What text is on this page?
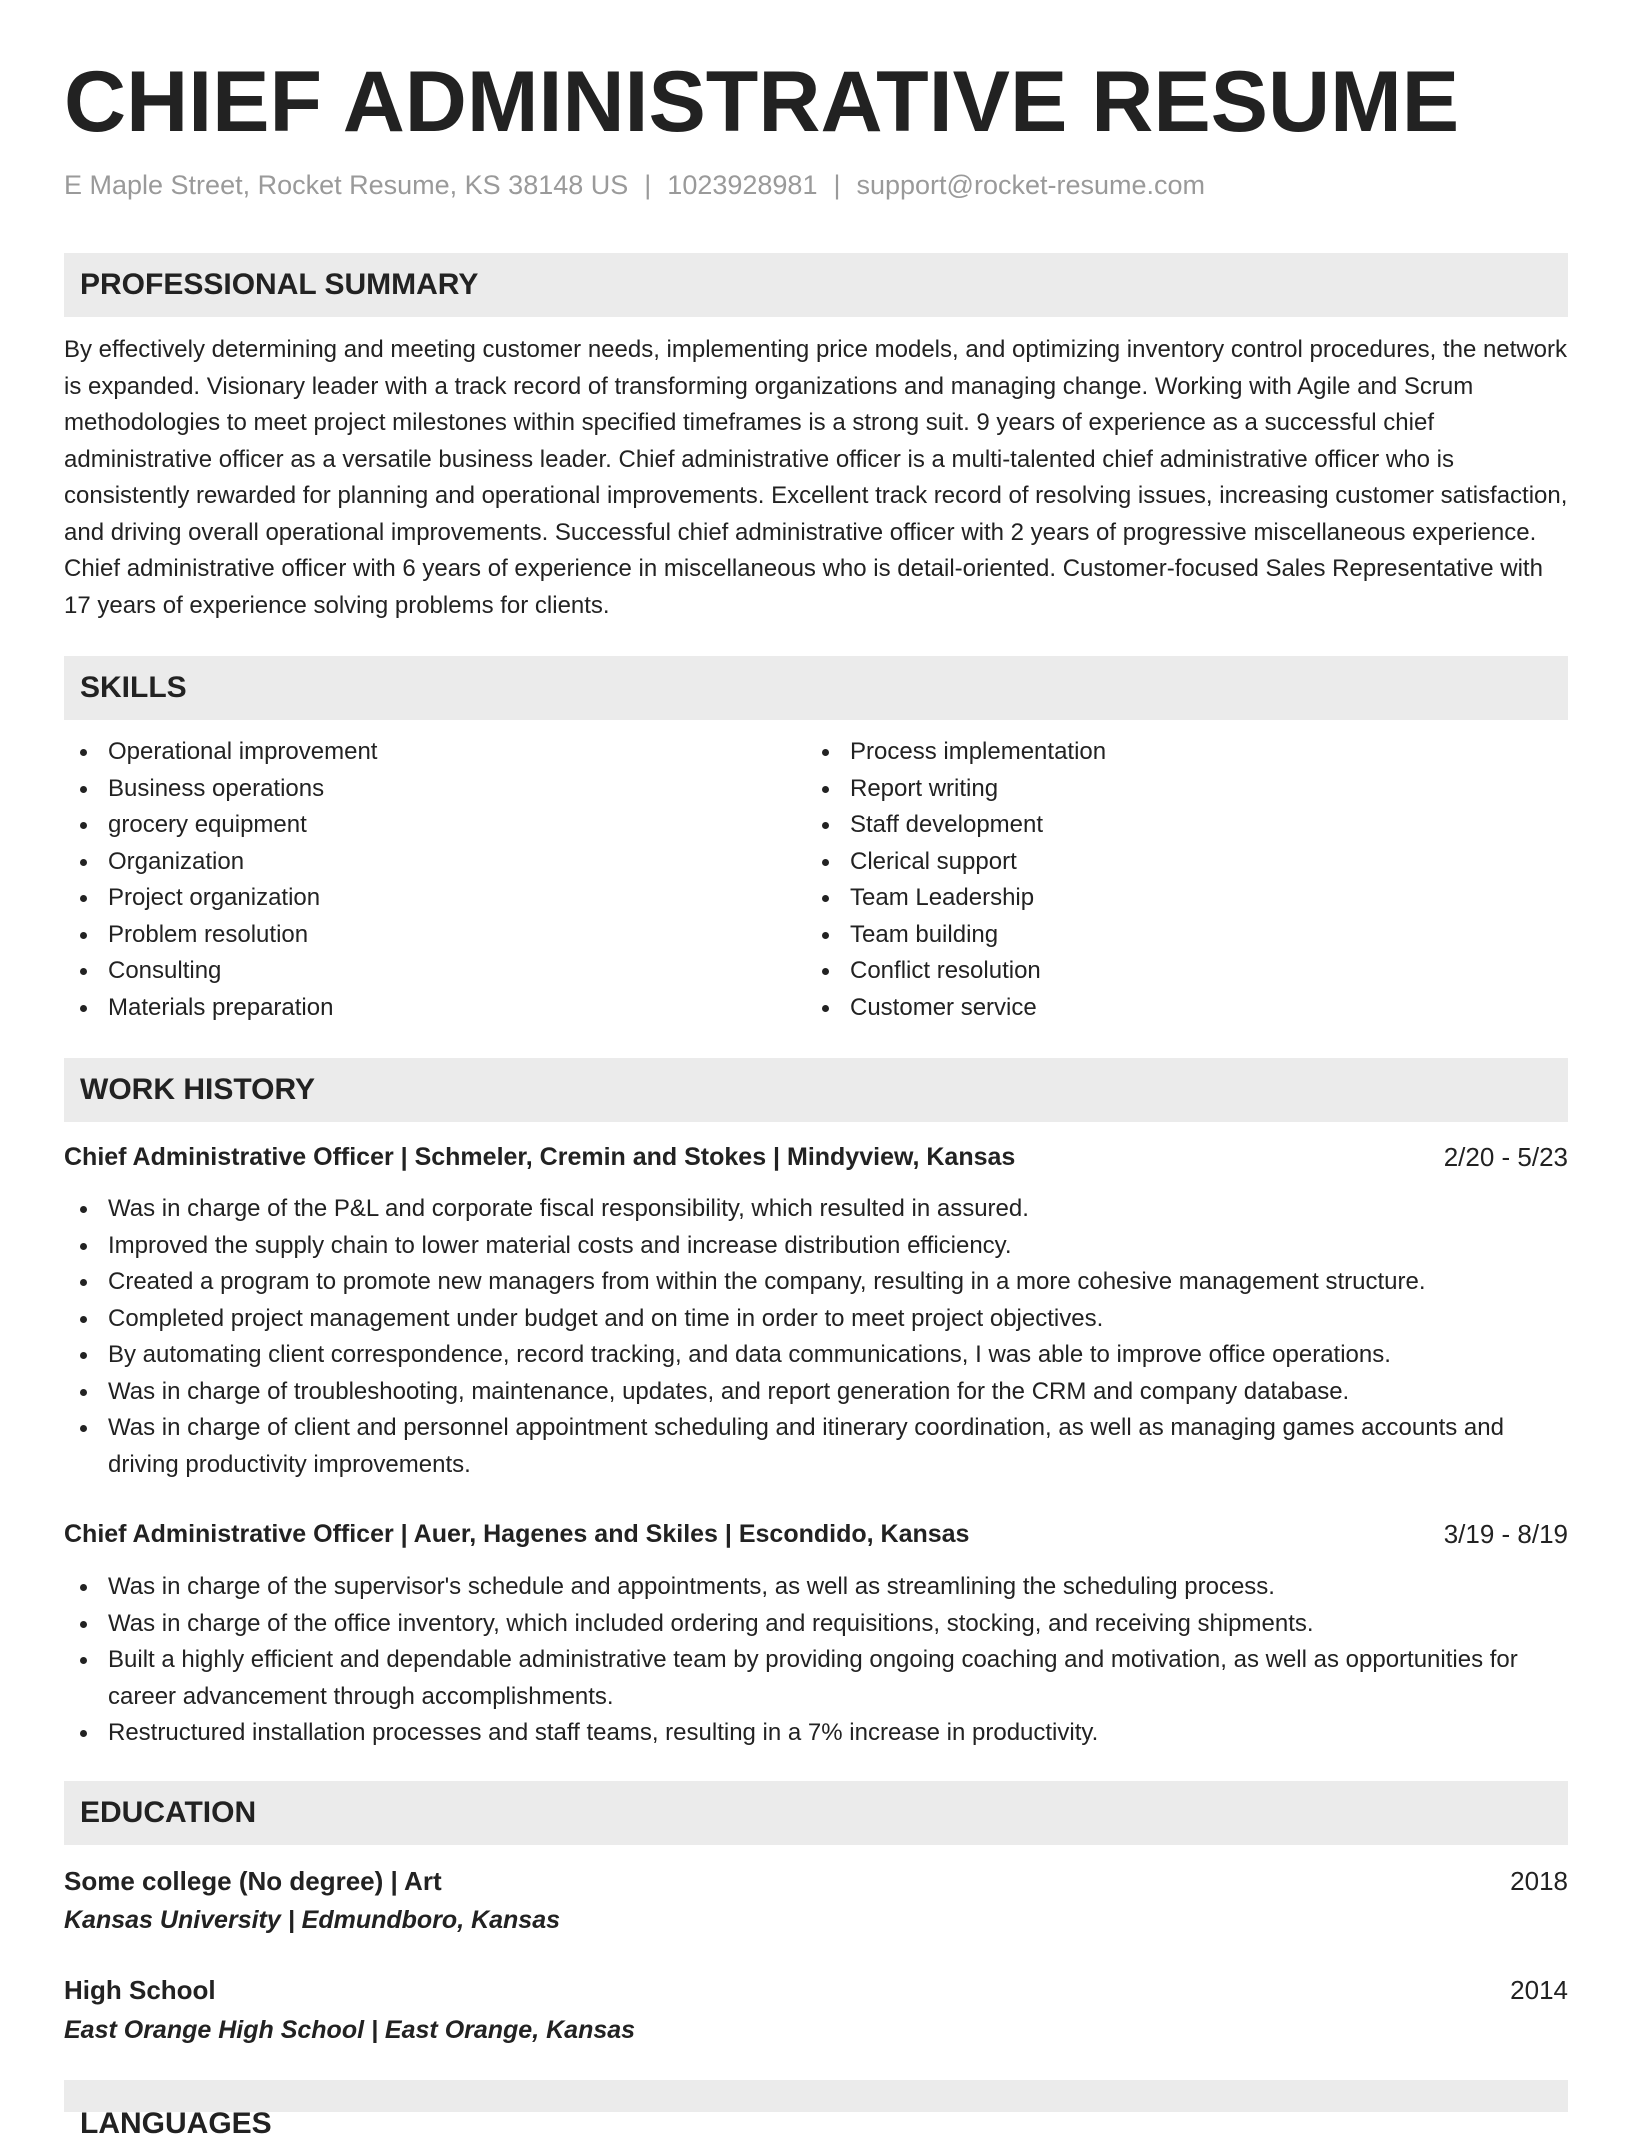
CHIEF ADMINISTRATIVE RESUME
E Maple Street, Rocket Resume, KS 38148 US | 1023928981 | support@rocket-resume.com
PROFESSIONAL SUMMARY
By effectively determining and meeting customer needs, implementing price models, and optimizing inventory control procedures, the network is expanded. Visionary leader with a track record of transforming organizations and managing change. Working with Agile and Scrum methodologies to meet project milestones within specified timeframes is a strong suit. 9 years of experience as a successful chief administrative officer as a versatile business leader. Chief administrative officer is a multi-talented chief administrative officer who is consistently rewarded for planning and operational improvements. Excellent track record of resolving issues, increasing customer satisfaction, and driving overall operational improvements. Successful chief administrative officer with 2 years of progressive miscellaneous experience. Chief administrative officer with 6 years of experience in miscellaneous who is detail-oriented. Customer-focused Sales Representative with 17 years of experience solving problems for clients.
SKILLS
Operational improvement
Business operations
grocery equipment
Organization
Project organization
Problem resolution
Consulting
Materials preparation
Process implementation
Report writing
Staff development
Clerical support
Team Leadership
Team building
Conflict resolution
Customer service
WORK HISTORY
Chief Administrative Officer | Schmeler, Cremin and Stokes | Mindyview, Kansas	2/20 - 5/23
Was in charge of the P&L and corporate fiscal responsibility, which resulted in assured.
Improved the supply chain to lower material costs and increase distribution efficiency.
Created a program to promote new managers from within the company, resulting in a more cohesive management structure.
Completed project management under budget and on time in order to meet project objectives.
By automating client correspondence, record tracking, and data communications, I was able to improve office operations.
Was in charge of troubleshooting, maintenance, updates, and report generation for the CRM and company database.
Was in charge of client and personnel appointment scheduling and itinerary coordination, as well as managing games accounts and driving productivity improvements.
Chief Administrative Officer | Auer, Hagenes and Skiles | Escondido, Kansas	3/19 - 8/19
Was in charge of the supervisor's schedule and appointments, as well as streamlining the scheduling process.
Was in charge of the office inventory, which included ordering and requisitions, stocking, and receiving shipments.
Built a highly efficient and dependable administrative team by providing ongoing coaching and motivation, as well as opportunities for career advancement through accomplishments.
Restructured installation processes and staff teams, resulting in a 7% increase in productivity.
EDUCATION
Some college (No degree) | Art	2018
Kansas University | Edmundboro, Kansas
High School	2014
East Orange High School | East Orange, Kansas
LANGUAGES
